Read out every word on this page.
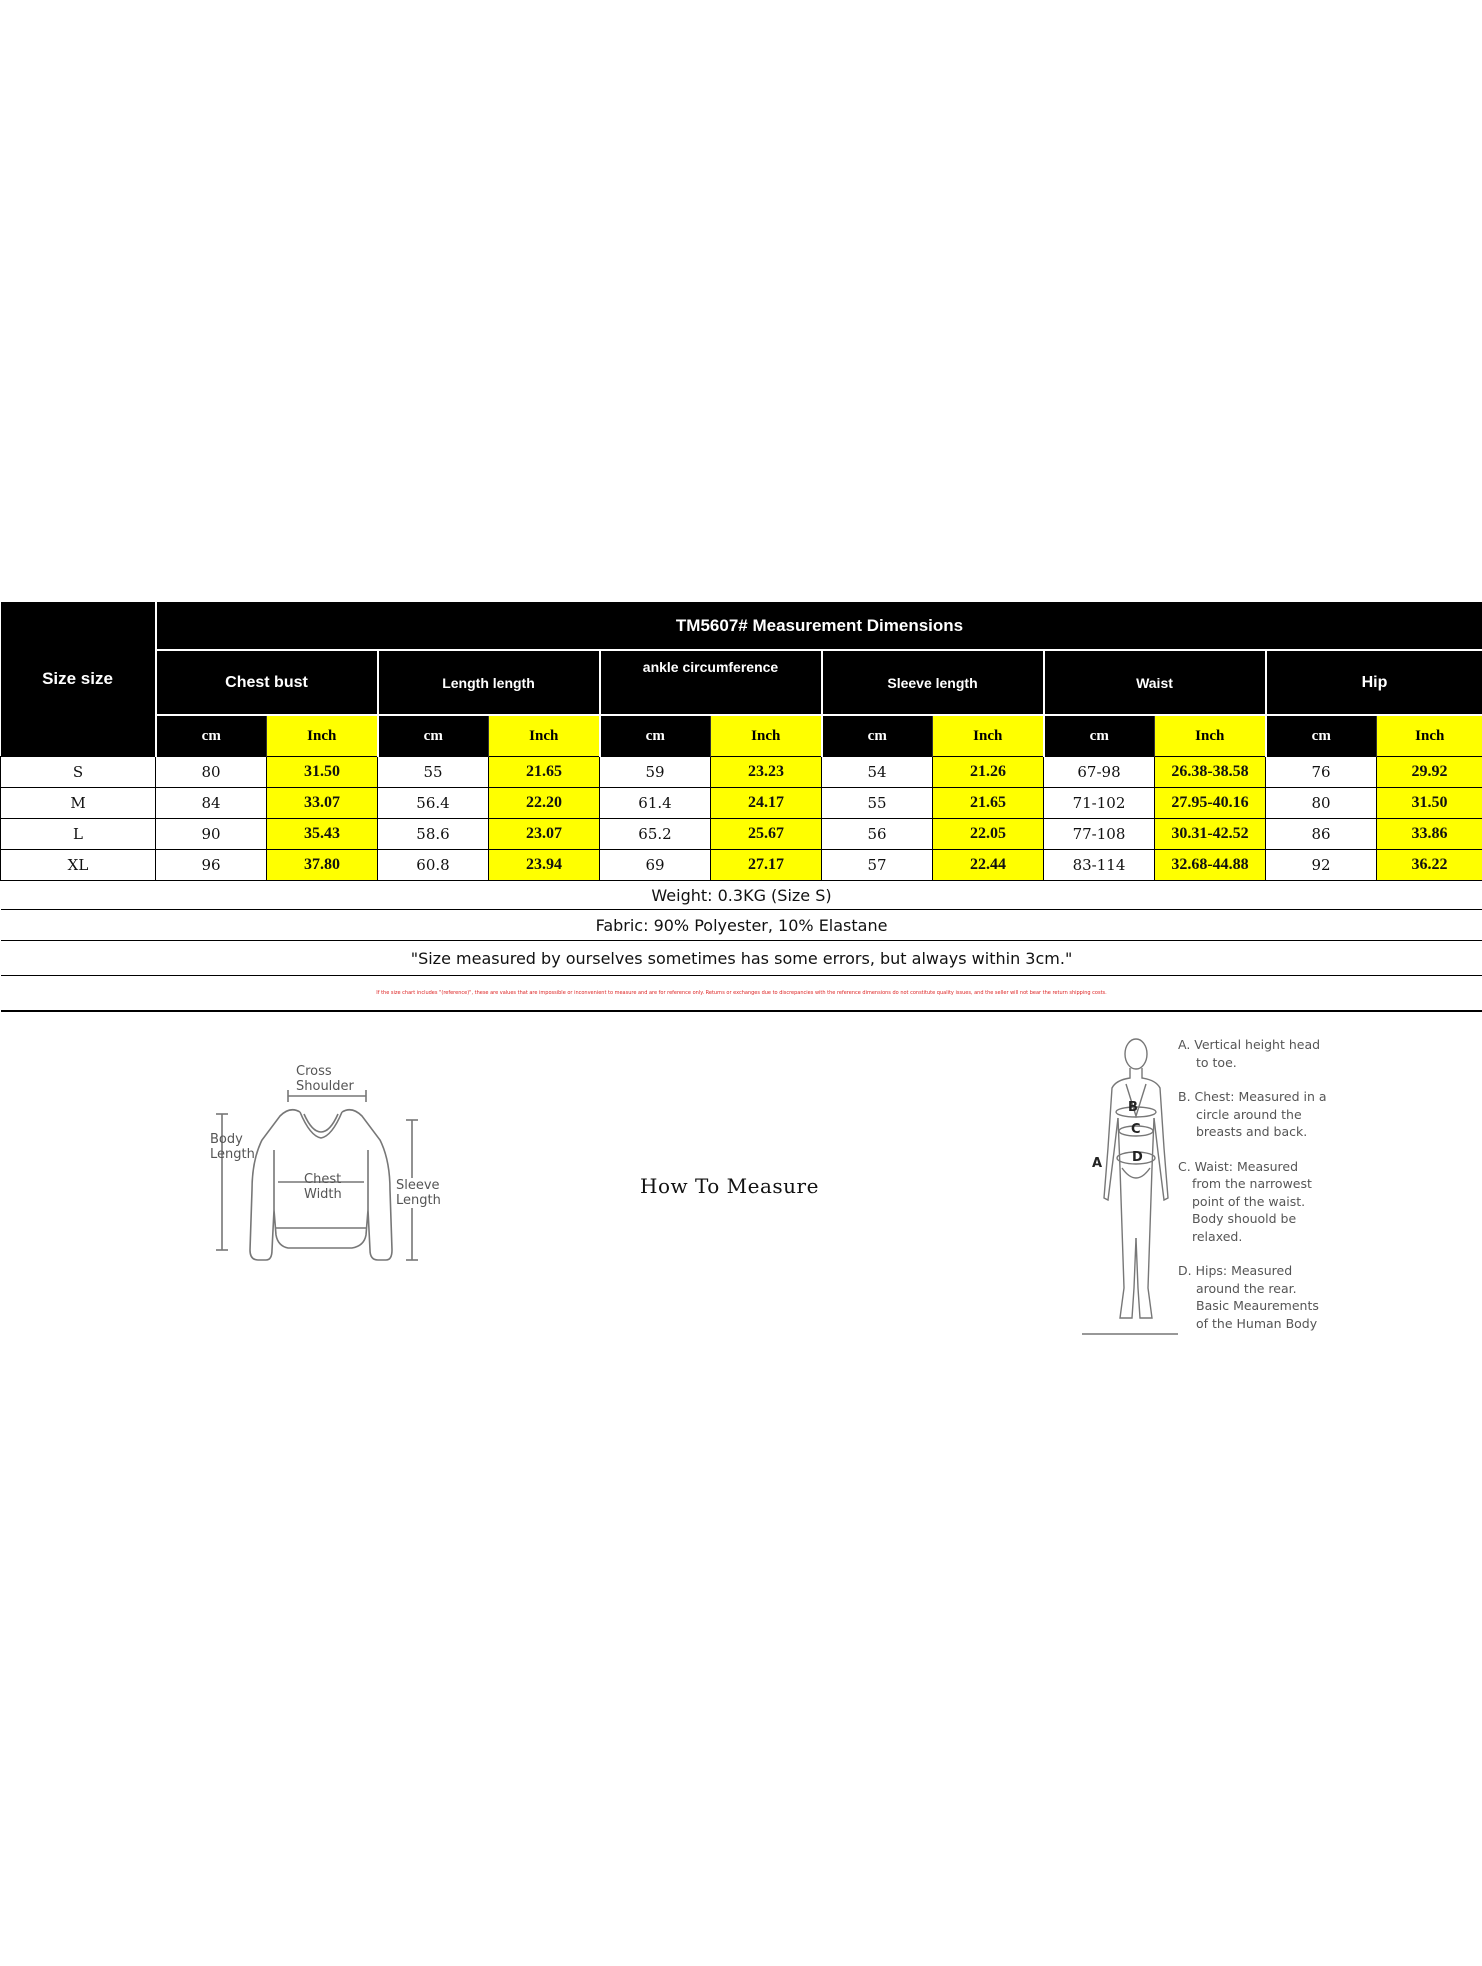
Size size	TM5607# Measurement Dimensions											
	Chest bust		Length length		ankle circumference		Sleeve length		Waist		Hip	
	cm	Inch	cm	Inch	cm	Inch	cm	Inch	cm	Inch	cm	Inch
S	80	31.50	55	21.65	59	23.23	54	21.26	67-98	26.38-38.58	76	29.92
M	84	33.07	56.4	22.20	61.4	24.17	55	21.65	71-102	27.95-40.16	80	31.50
L	90	35.43	58.6	23.07	65.2	25.67	56	22.05	77-108	30.31-42.52	86	33.86
XL	96	37.80	60.8	23.94	69	27.17	57	22.44	83-114	32.68-44.88	92	36.22
Weight: 0.3KG (Size S)												
Fabric: 90% Polyester, 10% Elastane												
"Size measured by ourselves sometimes has some errors, but always within 3cm."												
If the size chart includes "(reference)", these are values that are impossible or inconvenient to measure and are for reference only. Returns or exchanges due to discrepancies with the reference dimensions do not constitute quality issues, and the seller will not bear the return shipping costs.												
Cross
Shoulder
Body
Length
Chest
Width
Sleeve
Length
How To Measure
B
C
D
A
A. Vertical height head
to toe.
B. Chest: Measured in a
circle around the
breasts and back.
C. Waist: Measured
from the narrowest
point of the waist.
Body shouold be
relaxed.
D. Hips: Measured
around the rear.
Basic Meaurements
of the Human Body
